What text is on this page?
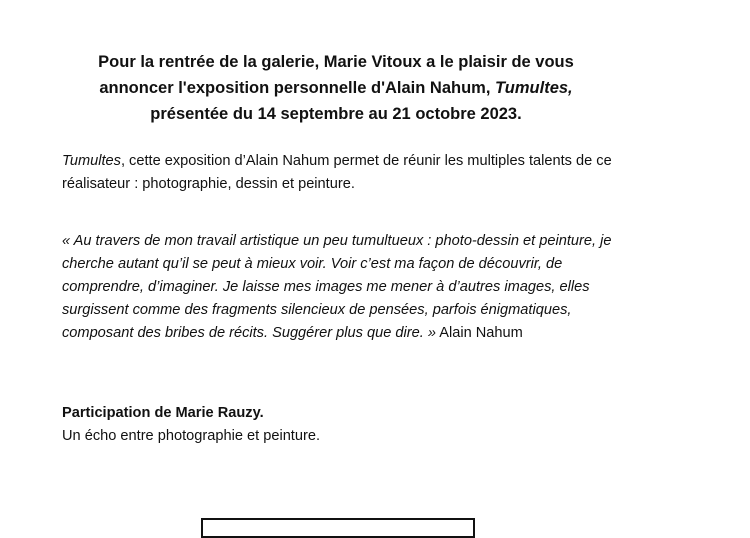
Pour la rentrée de la galerie, Marie Vitoux a le plaisir de vous
annoncer l'exposition personnelle d'Alain Nahum, Tumultes,
présentée du 14 septembre au 21 octobre 2023.
Tumultes, cette exposition d’Alain Nahum permet de réunir les multiples talents de ce réalisateur : photographie, dessin et peinture.
« Au travers de mon travail artistique un peu tumultueux : photo-dessin et peinture, je cherche autant qu’il se peut à mieux voir. Voir c’est ma façon de découvrir, de comprendre, d’imaginer. Je laisse mes images me mener à d’autres images, elles surgissent comme des fragments silencieux de pensées, parfois énigmatiques, composant des bribes de récits. Suggérer plus que dire. » Alain Nahum
Participation de Marie Rauzy.
Un écho entre photographie et peinture.
